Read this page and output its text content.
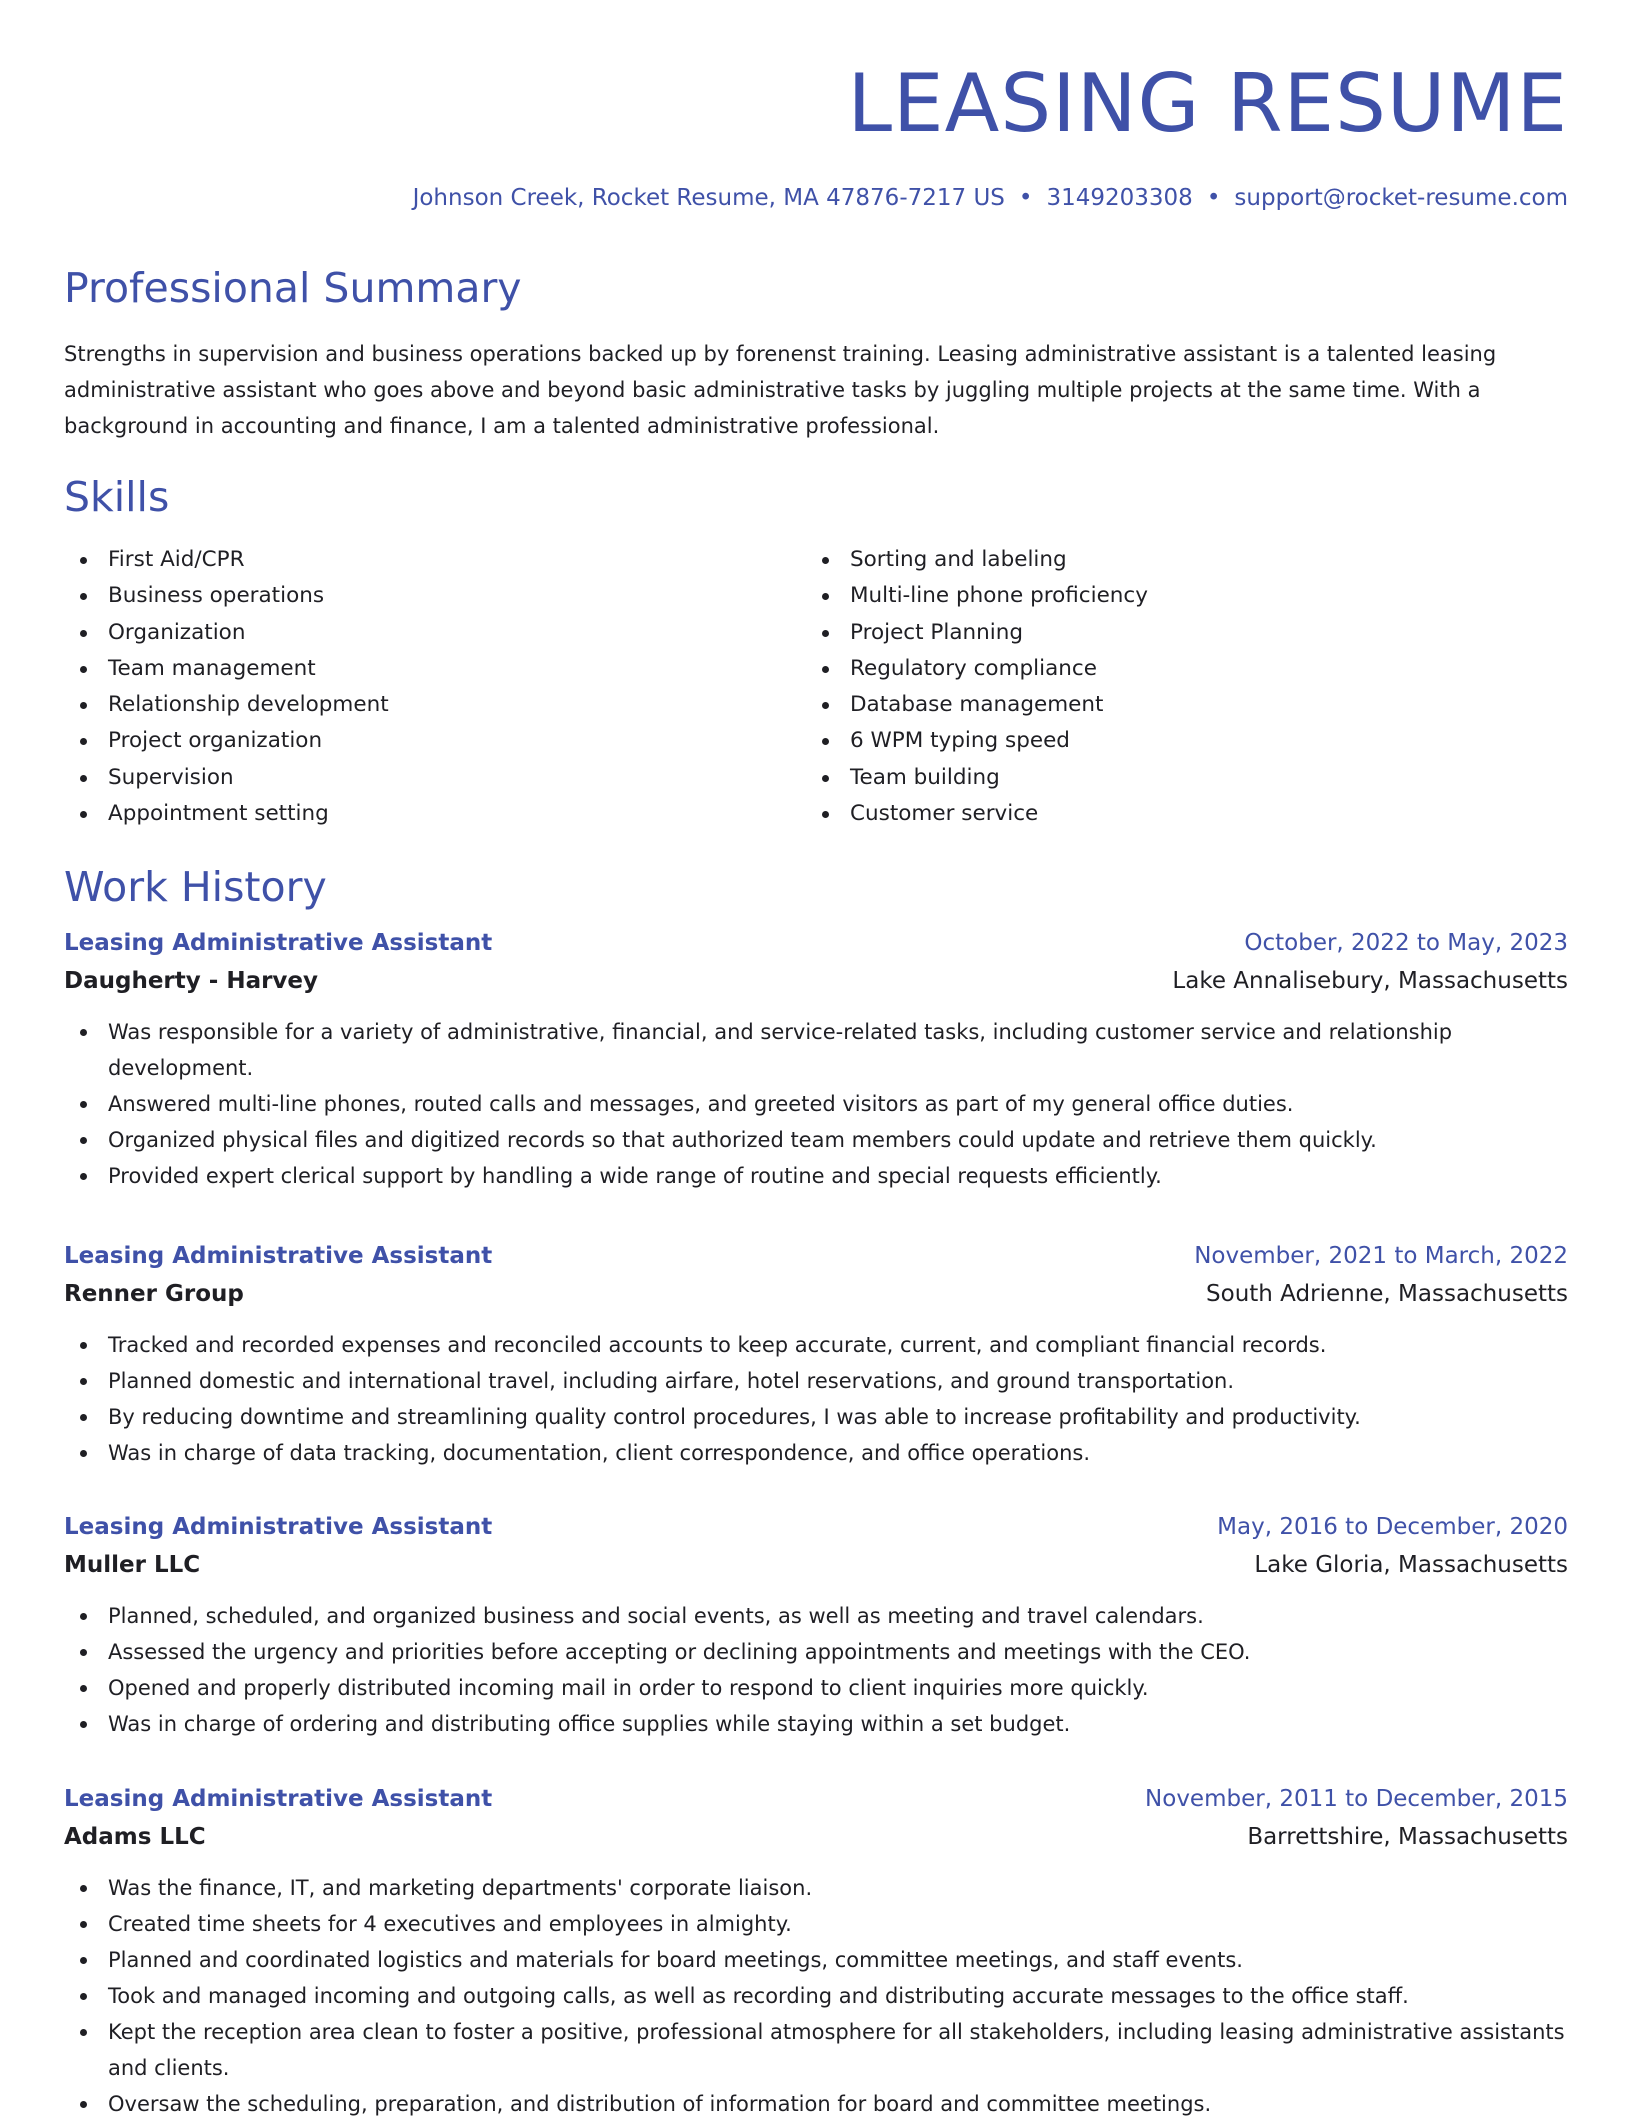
LEASING RESUME
Johnson Creek, Rocket Resume, MA 47876-7217 US • 3149203308 • support@rocket-resume.com
Professional Summary

Strengths in supervision and business operations backed up by forenenst training. Leasing administrative assistant is a talented leasing administrative assistant who goes above and beyond basic administrative tasks by juggling multiple projects at the same time. With a background in accounting and finance, I am a talented administrative professional.

Skills
First Aid/CPR
Business operations
Organization
Team management
Relationship development
Project organization
Supervision
Appointment setting
Sorting and labeling
Multi-line phone proficiency
Project Planning
Regulatory compliance
Database management
6 WPM typing speed
Team building
Customer service
Work History
Leasing Administrative Assistant	October, 2022 to May, 2023
Daugherty - Harvey	Lake Annalisebury, Massachusetts
Was responsible for a variety of administrative, financial, and service-related tasks, including customer service and relationship development.
Answered multi-line phones, routed calls and messages, and greeted visitors as part of my general office duties.
Organized physical files and digitized records so that authorized team members could update and retrieve them quickly.
Provided expert clerical support by handling a wide range of routine and special requests efficiently.
Leasing Administrative Assistant	November, 2021 to March, 2022
Renner Group	South Adrienne, Massachusetts
Tracked and recorded expenses and reconciled accounts to keep accurate, current, and compliant financial records.
Planned domestic and international travel, including airfare, hotel reservations, and ground transportation.
By reducing downtime and streamlining quality control procedures, I was able to increase profitability and productivity.
Was in charge of data tracking, documentation, client correspondence, and office operations.
Leasing Administrative Assistant	May, 2016 to December, 2020
Muller LLC	Lake Gloria, Massachusetts
Planned, scheduled, and organized business and social events, as well as meeting and travel calendars.
Assessed the urgency and priorities before accepting or declining appointments and meetings with the CEO.
Opened and properly distributed incoming mail in order to respond to client inquiries more quickly.
Was in charge of ordering and distributing office supplies while staying within a set budget.
Leasing Administrative Assistant	November, 2011 to December, 2015
Adams LLC	Barrettshire, Massachusetts
Was the finance, IT, and marketing departments' corporate liaison.
Created time sheets for 4 executives and employees in almighty.
Planned and coordinated logistics and materials for board meetings, committee meetings, and staff events.
Took and managed incoming and outgoing calls, as well as recording and distributing accurate messages to the office staff.
Kept the reception area clean to foster a positive, professional atmosphere for all stakeholders, including leasing administrative assistants and clients.
Oversaw the scheduling, preparation, and distribution of information for board and committee meetings.
